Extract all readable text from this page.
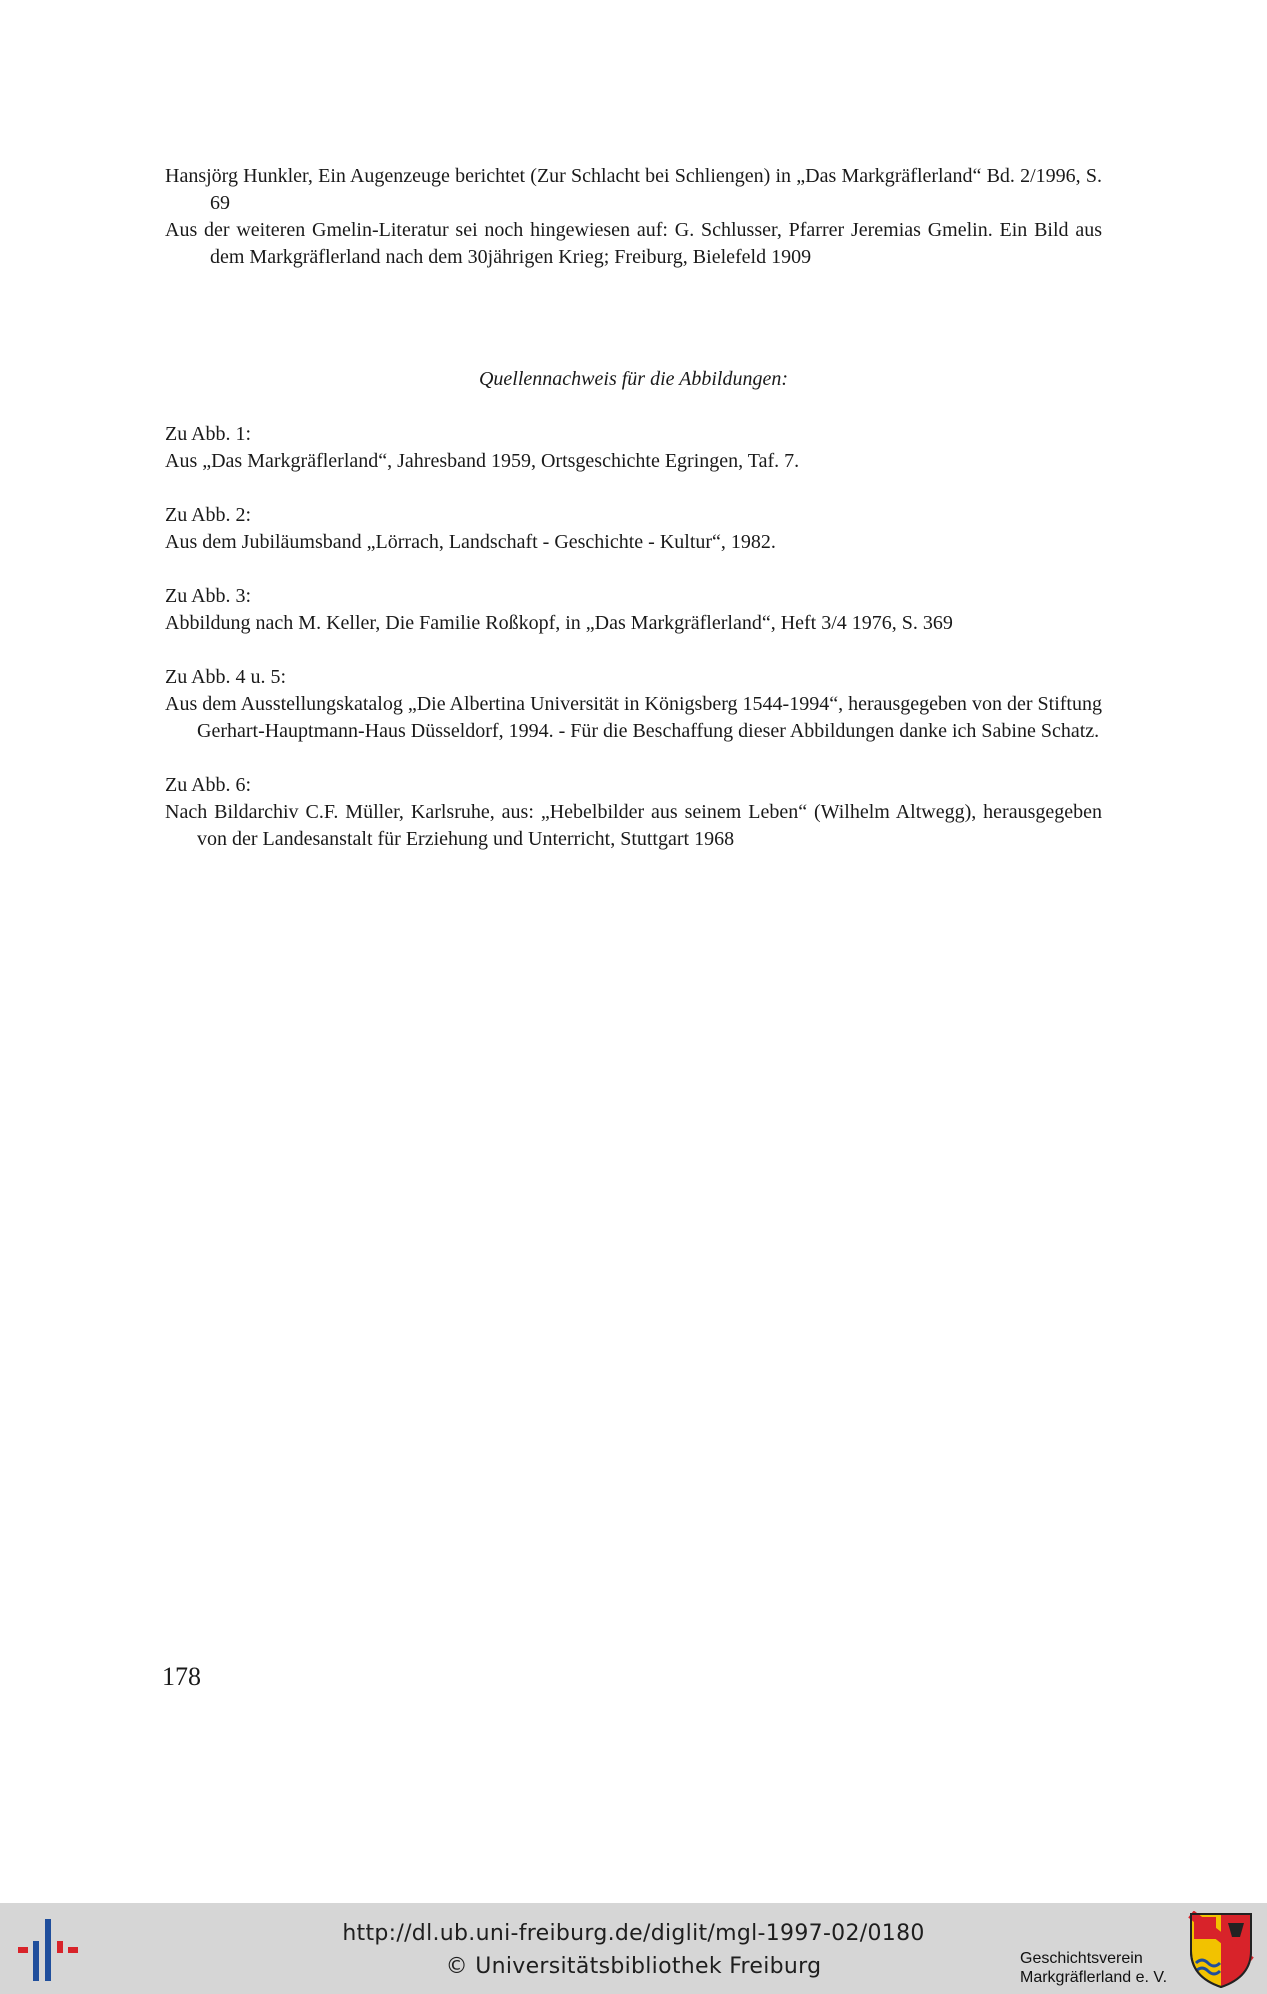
Hansjörg Hunkler, Ein Augenzeuge berichtet (Zur Schlacht bei Schliengen) in „Das Markgräflerland“ Bd. 2/1996, S. 69

Aus der weiteren Gmelin-Literatur sei noch hingewiesen auf: G. Schlusser, Pfarrer Jeremias Gmelin. Ein Bild aus dem Markgräflerland nach dem 30jährigen Krieg; Freiburg, Bielefeld 1909

Quellennachweis für die Abbildungen:

Zu Abb. 1:

Aus „Das Markgräflerland“, Jahresband 1959, Ortsgeschichte Egringen, Taf. 7.

Zu Abb. 2:

Aus dem Jubiläumsband „Lörrach, Landschaft - Geschichte - Kultur“, 1982.

Zu Abb. 3:

Abbildung nach M. Keller, Die Familie Roßkopf, in „Das Markgräflerland“, Heft 3/4 1976, S. 369

Zu Abb. 4 u. 5:

Aus dem Ausstellungskatalog „Die Albertina Universität in Königsberg 1544-1994“, herausgegeben von der Stiftung Gerhart-Hauptmann-Haus Düsseldorf, 1994. - Für die Beschaffung dieser Abbildungen danke ich Sabine Schatz.

Zu Abb. 6:

Nach Bildarchiv C.F. Müller, Karlsruhe, aus: „Hebelbilder aus seinem Leben“ (Wilhelm Altwegg), herausgegeben von der Landesanstalt für Erziehung und Unterricht, Stuttgart 1968

178

http://dl.ub.uni-freiburg.de/diglit/mgl-1997-02/0180
© Universitätsbibliothek Freiburg	Geschichtsverein
Markgräflerland e. V.
